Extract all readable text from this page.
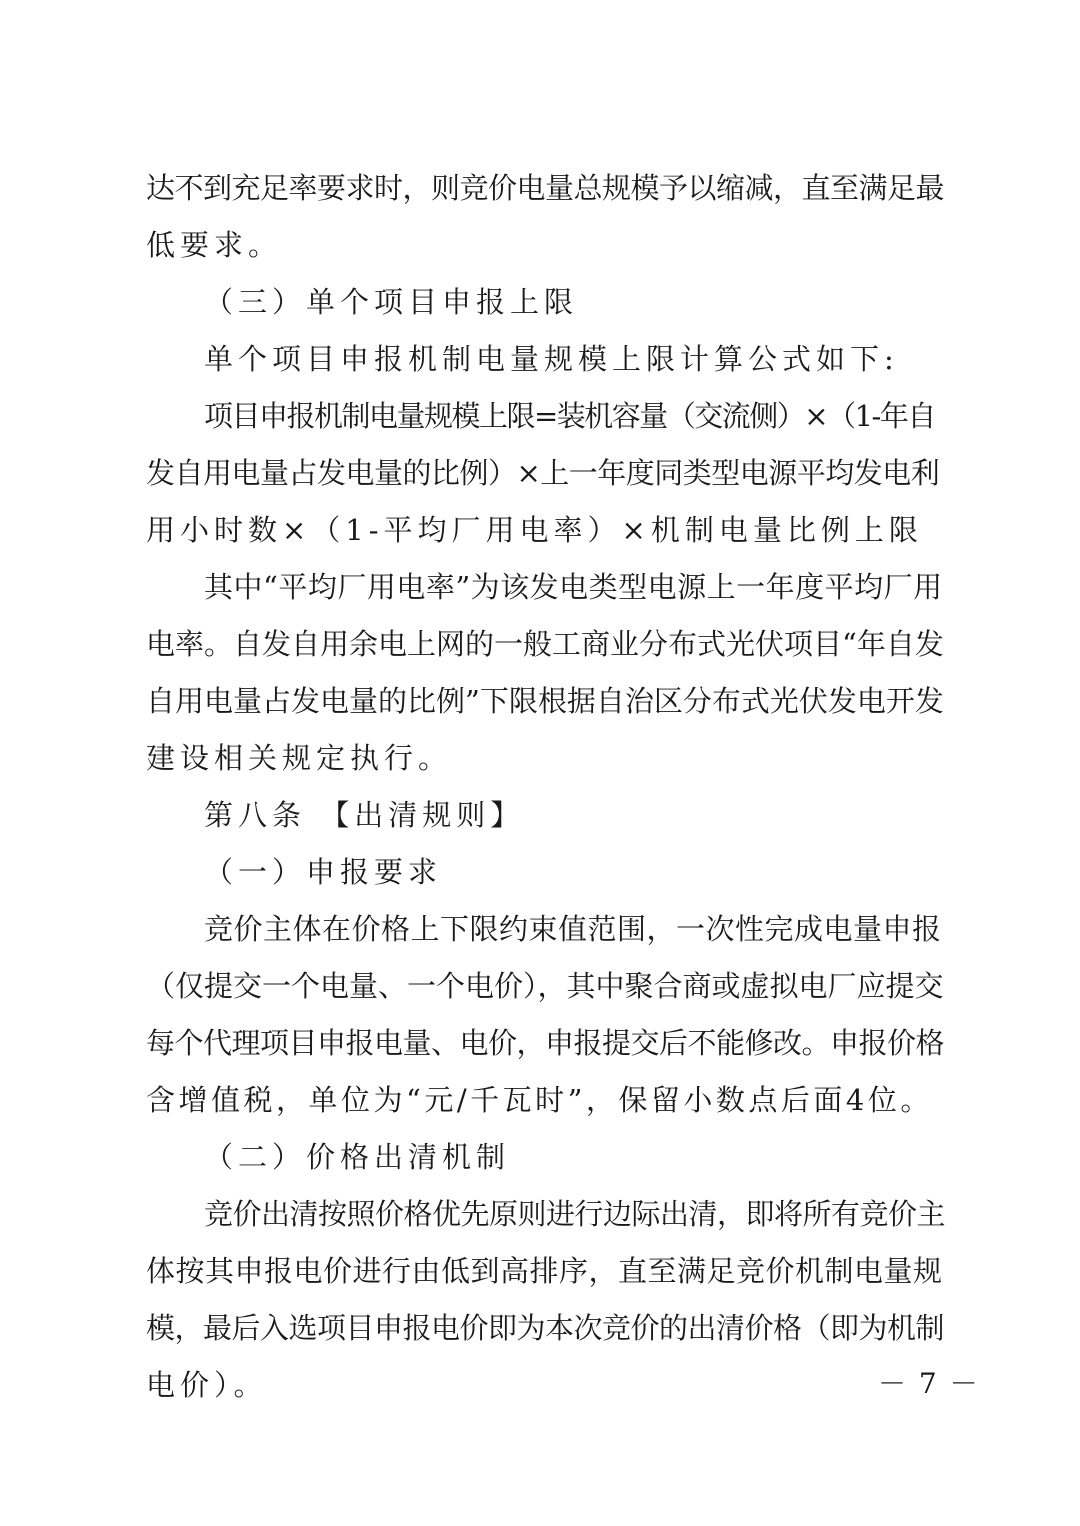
达不到充足率要求时，则竞价电量总规模予以缩减，直至满足最
低要求。
（三）单个项目申报上限
单个项目申报机制电量规模上限计算公式如下:
项目申报机制电量规模上限=装机容量（交流侧）×（1-年自
发自用电量占发电量的比例）×上一年度同类型电源平均发电利
用小时数×（1-平均厂用电率）×机制电量比例上限
其中“平均厂用电率”为该发电类型电源上一年度平均厂用
电率。自发自用余电上网的一般工商业分布式光伏项目“年自发
自用电量占发电量的比例”下限根据自治区分布式光伏发电开发
建设相关规定执行。
第八条 【出清规则】
（一）申报要求
竞价主体在价格上下限约束值范围，一次性完成电量申报
（仅提交一个电量、一个电价），其中聚合商或虚拟电厂应提交
每个代理项目申报电量、电价，申报提交后不能修改。申报价格
含增值税，单位为“元/千瓦时”，保留小数点后面4位。
（二）价格出清机制
竞价出清按照价格优先原则进行边际出清，即将所有竞价主
体按其申报电价进行由低到高排序，直至满足竞价机制电量规
模，最后入选项目申报电价即为本次竞价的出清价格（即为机制
电价）。	－ 7 －
